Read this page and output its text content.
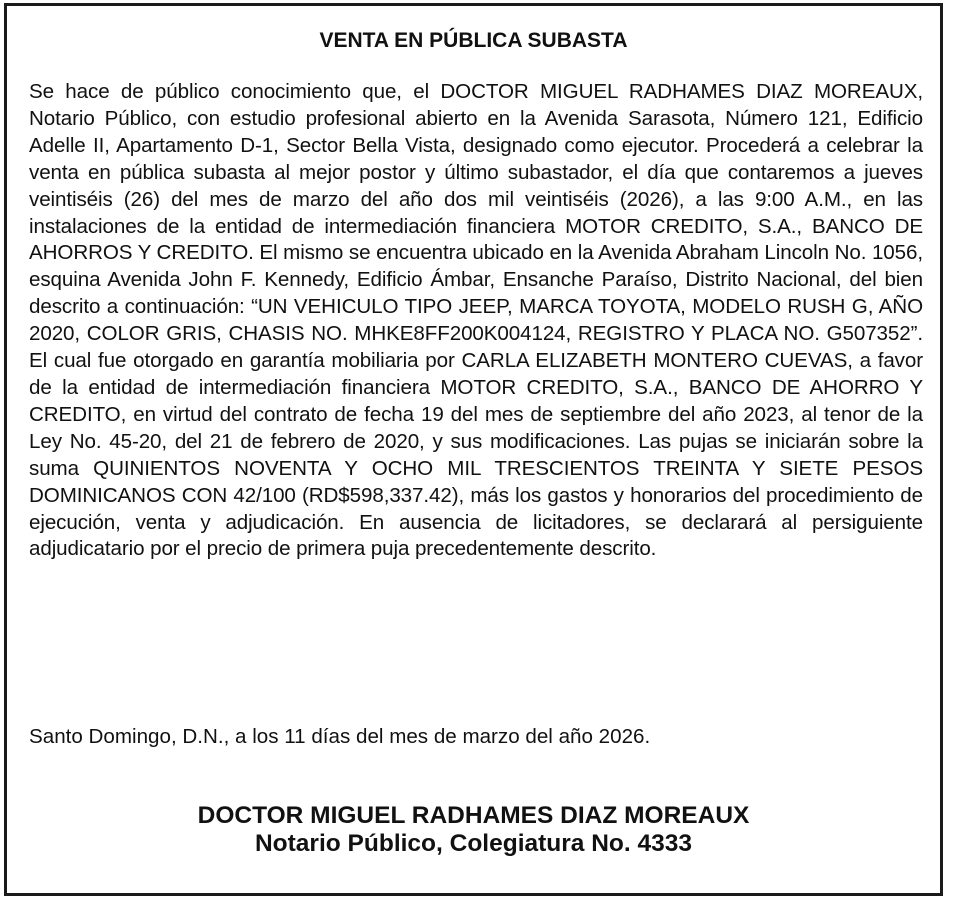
VENTA EN PÚBLICA SUBASTA

Se hace de público conocimiento que, el DOCTOR MIGUEL RADHAMES DIAZ MOREAUX, Notario Público, con estudio profesional abierto en la Avenida Sarasota, Número 121, Edificio Adelle II, Apartamento D-1, Sector Bella Vista, designado como ejecutor. Procederá a celebrar la venta en pública subasta al mejor postor y último subastador, el día que contaremos a jueves veintiséis (26) del mes de marzo del año dos mil veintiséis (2026), a las 9:00 A.M., en las instalaciones de la entidad de intermediación financiera MOTOR CREDITO, S.A., BANCO DE AHORROS Y CREDITO. El mismo se encuentra ubicado en la Avenida Abraham Lincoln No. 1056, esquina Avenida John F. Kennedy, Edificio Ámbar, Ensanche Paraíso, Distrito Nacional, del bien descrito a continuación: “UN VEHICULO TIPO JEEP, MARCA TOYOTA, MODELO RUSH G, AÑO 2020, COLOR GRIS, CHASIS NO. MHKE8FF200K004124, REGISTRO Y PLACA NO. G507352”. El cual fue otorgado en garantía mobiliaria por CARLA ELIZABETH MONTERO CUEVAS, a favor de la entidad de intermediación financiera MOTOR CREDITO, S.A., BANCO DE AHORRO Y CREDITO, en virtud del contrato de fecha 19 del mes de septiembre del año 2023, al tenor de la Ley No. 45-20, del 21 de febrero de 2020, y sus modificaciones. Las pujas se iniciarán sobre la suma QUINIENTOS NOVENTA Y OCHO MIL TRESCIENTOS TREINTA Y SIETE PESOS DOMINICANOS CON 42/100 (RD$598,337.42), más los gastos y honorarios del procedimiento de ejecución, venta y adjudicación. En ausencia de licitadores, se declarará al persiguiente adjudicatario por el precio de primera puja precedentemente descrito.

Santo Domingo, D.N., a los 11 días del mes de marzo del año 2026.

DOCTOR MIGUEL RADHAMES DIAZ MOREAUX
Notario Público, Colegiatura No. 4333
